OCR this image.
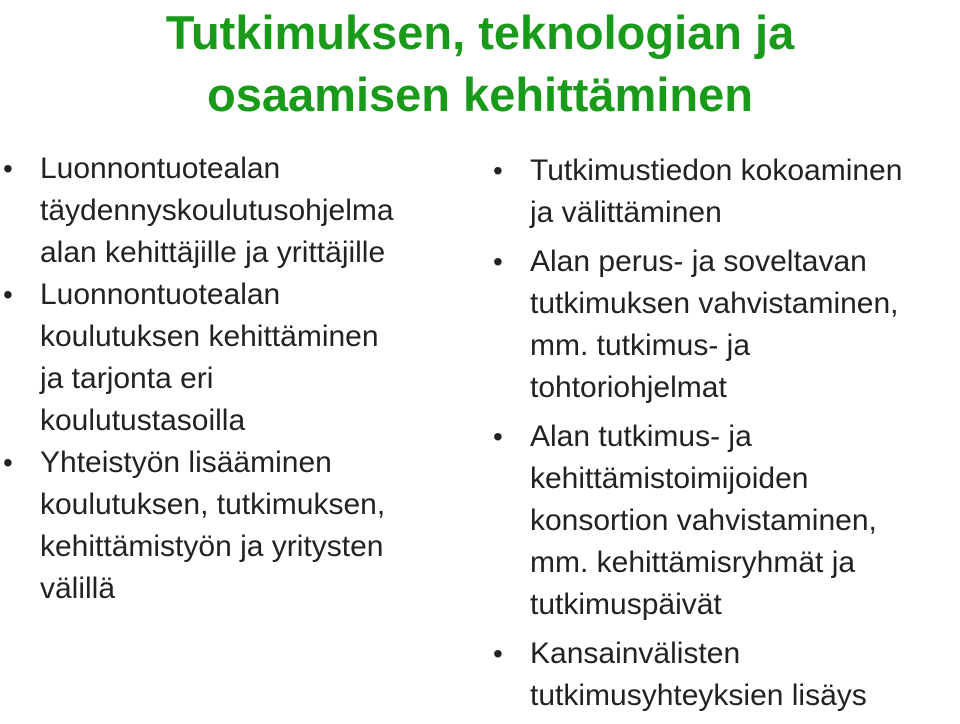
Tutkimuksen, teknologian ja
osaamisen kehittäminen
• Luonnontuotealan
täydennyskoulutusohjelma
alan kehittäjille ja yrittäjille
• Luonnontuotealan
koulutuksen kehittäminen
ja tarjonta eri
koulutustasoilla
• Yhteistyön lisääminen
koulutuksen, tutkimuksen,
kehittämistyön ja yritysten
välillä
• Tutkimustiedon kokoaminen
ja välittäminen
• Alan perus- ja soveltavan
tutkimuksen vahvistaminen,
mm. tutkimus- ja
tohtoriohjelmat
• Alan tutkimus- ja
kehittämistoimijoiden
konsortion vahvistaminen,
mm. kehittämisryhmät ja
tutkimuspäivät
• Kansainvälisten
tutkimusyhteyksien lisäys
